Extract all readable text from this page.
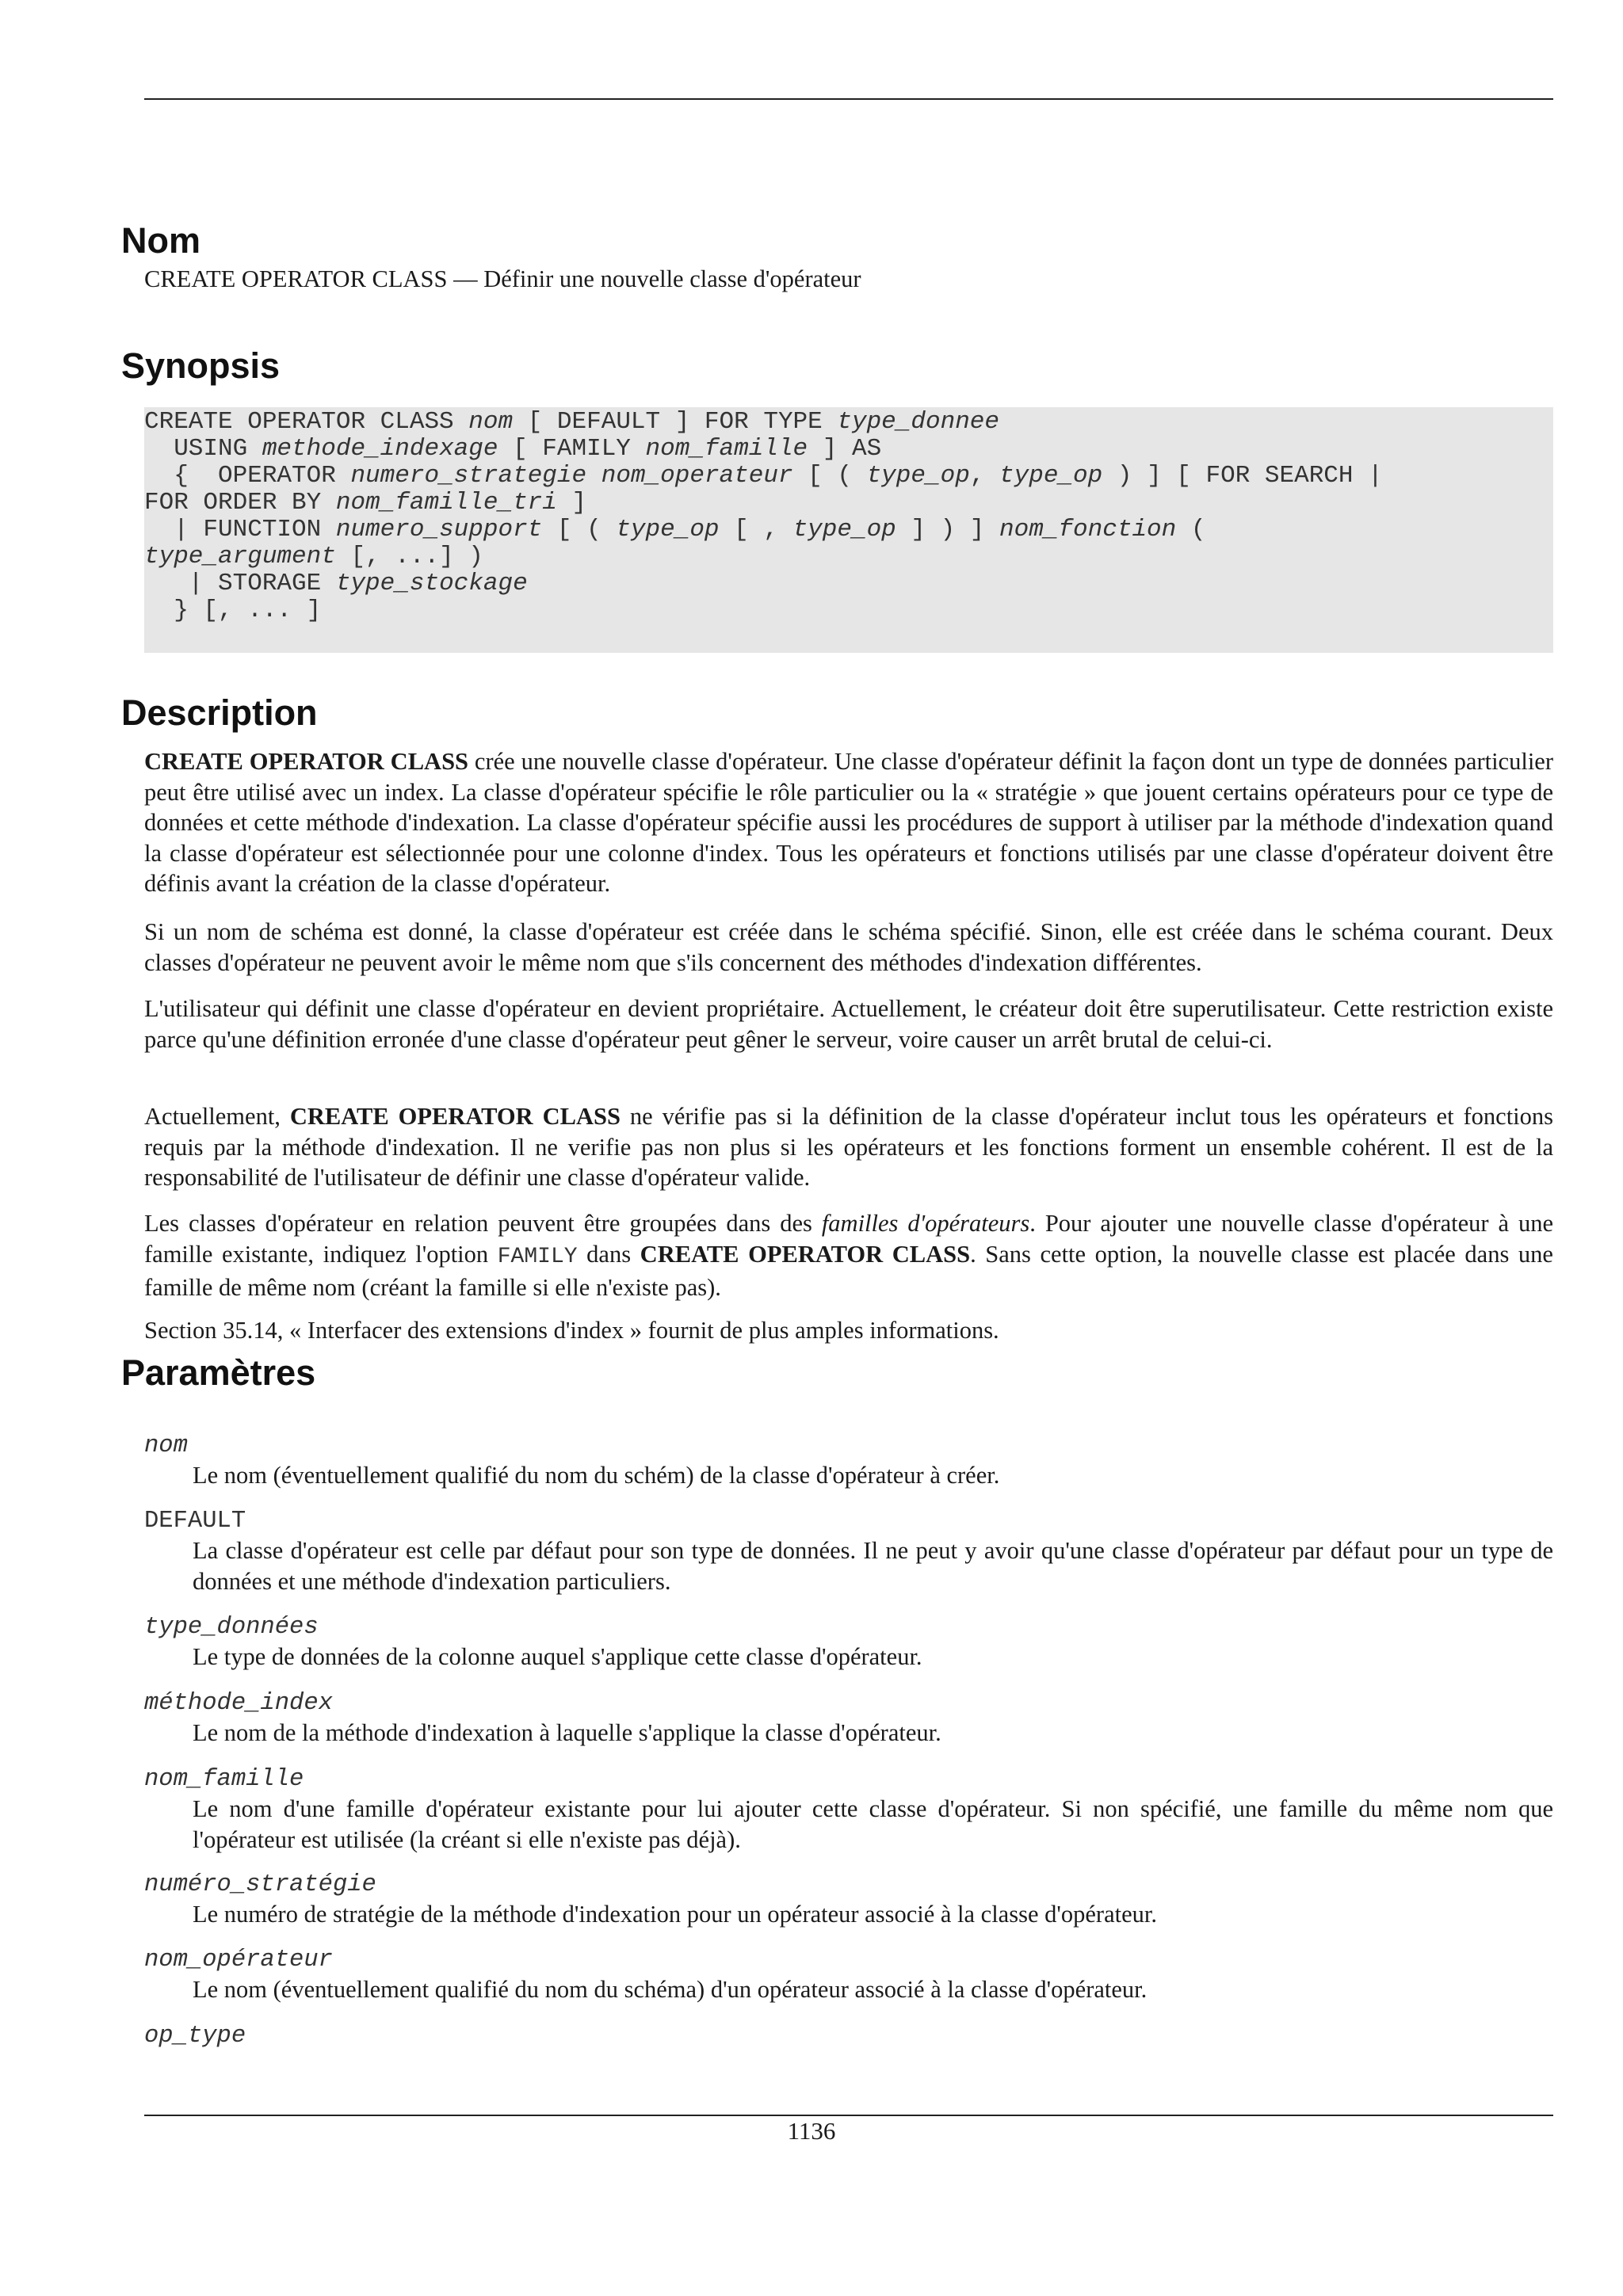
Nom
CREATE OPERATOR CLASS — Définir une nouvelle classe d'opérateur
Synopsis
CREATE OPERATOR CLASS nom [ DEFAULT ] FOR TYPE type_donnee
USING methode_indexage [ FAMILY nom_famille ] AS
{  OPERATOR numero_strategie nom_operateur [ ( type_op, type_op ) ] [ FOR SEARCH |
FOR ORDER BY nom_famille_tri ]
| FUNCTION numero_support [ ( type_op [ , type_op ] ) ] nom_fonction (
type_argument [, ...] )
| STORAGE type_stockage
} [, ... ]
Description
CREATE OPERATOR CLASS crée une nouvelle classe d'opérateur. Une classe d'opérateur définit la façon dont un type de données particulier peut être utilisé avec un index. La classe d'opérateur spécifie le rôle particulier ou la « stratégie » que jouent certains opérateurs pour ce type de données et cette méthode d'indexation. La classe d'opérateur spécifie aussi les procédures de support à utiliser par la méthode d'indexation quand la classe d'opérateur est sélectionnée pour une colonne d'index. Tous les opérateurs et fonctions utilisés par une classe d'opérateur doivent être définis avant la création de la classe d'opérateur.
Si un nom de schéma est donné, la classe d'opérateur est créée dans le schéma spécifié. Sinon, elle est créée dans le schéma courant. Deux classes d'opérateur ne peuvent avoir le même nom que s'ils concernent des méthodes d'indexation différentes.
L'utilisateur qui définit une classe d'opérateur en devient propriétaire. Actuellement, le créateur doit être superutilisateur. Cette restriction existe parce qu'une définition erronée d'une classe d'opérateur peut gêner le serveur, voire causer un arrêt brutal de celui-ci.
Actuellement, CREATE OPERATOR CLASS ne vérifie pas si la définition de la classe d'opérateur inclut tous les opérateurs et fonctions requis par la méthode d'indexation. Il ne verifie pas non plus si les opérateurs et les fonctions forment un ensemble cohérent. Il est de la responsabilité de l'utilisateur de définir une classe d'opérateur valide.
Les classes d'opérateur en relation peuvent être groupées dans des familles d'opérateurs. Pour ajouter une nouvelle classe d'opérateur à une famille existante, indiquez l'option FAMILY dans CREATE OPERATOR CLASS. Sans cette option, la nouvelle classe est placée dans une famille de même nom (créant la famille si elle n'existe pas).
Section 35.14, « Interfacer des extensions d'index » fournit de plus amples informations.
Paramètres
nom
Le nom (éventuellement qualifié du nom du schém) de la classe d'opérateur à créer.
DEFAULT
La classe d'opérateur est celle par défaut pour son type de données. Il ne peut y avoir qu'une classe d'opérateur par défaut pour un type de données et une méthode d'indexation particuliers.
type_données
Le type de données de la colonne auquel s'applique cette classe d'opérateur.
méthode_index
Le nom de la méthode d'indexation à laquelle s'applique la classe d'opérateur.
nom_famille
Le nom d'une famille d'opérateur existante pour lui ajouter cette classe d'opérateur. Si non spécifié, une famille du même nom que l'opérateur est utilisée (la créant si elle n'existe pas déjà).
numéro_stratégie
Le numéro de stratégie de la méthode d'indexation pour un opérateur associé à la classe d'opérateur.
nom_opérateur
Le nom (éventuellement qualifié du nom du schéma) d'un opérateur associé à la classe d'opérateur.
op_type
1136
